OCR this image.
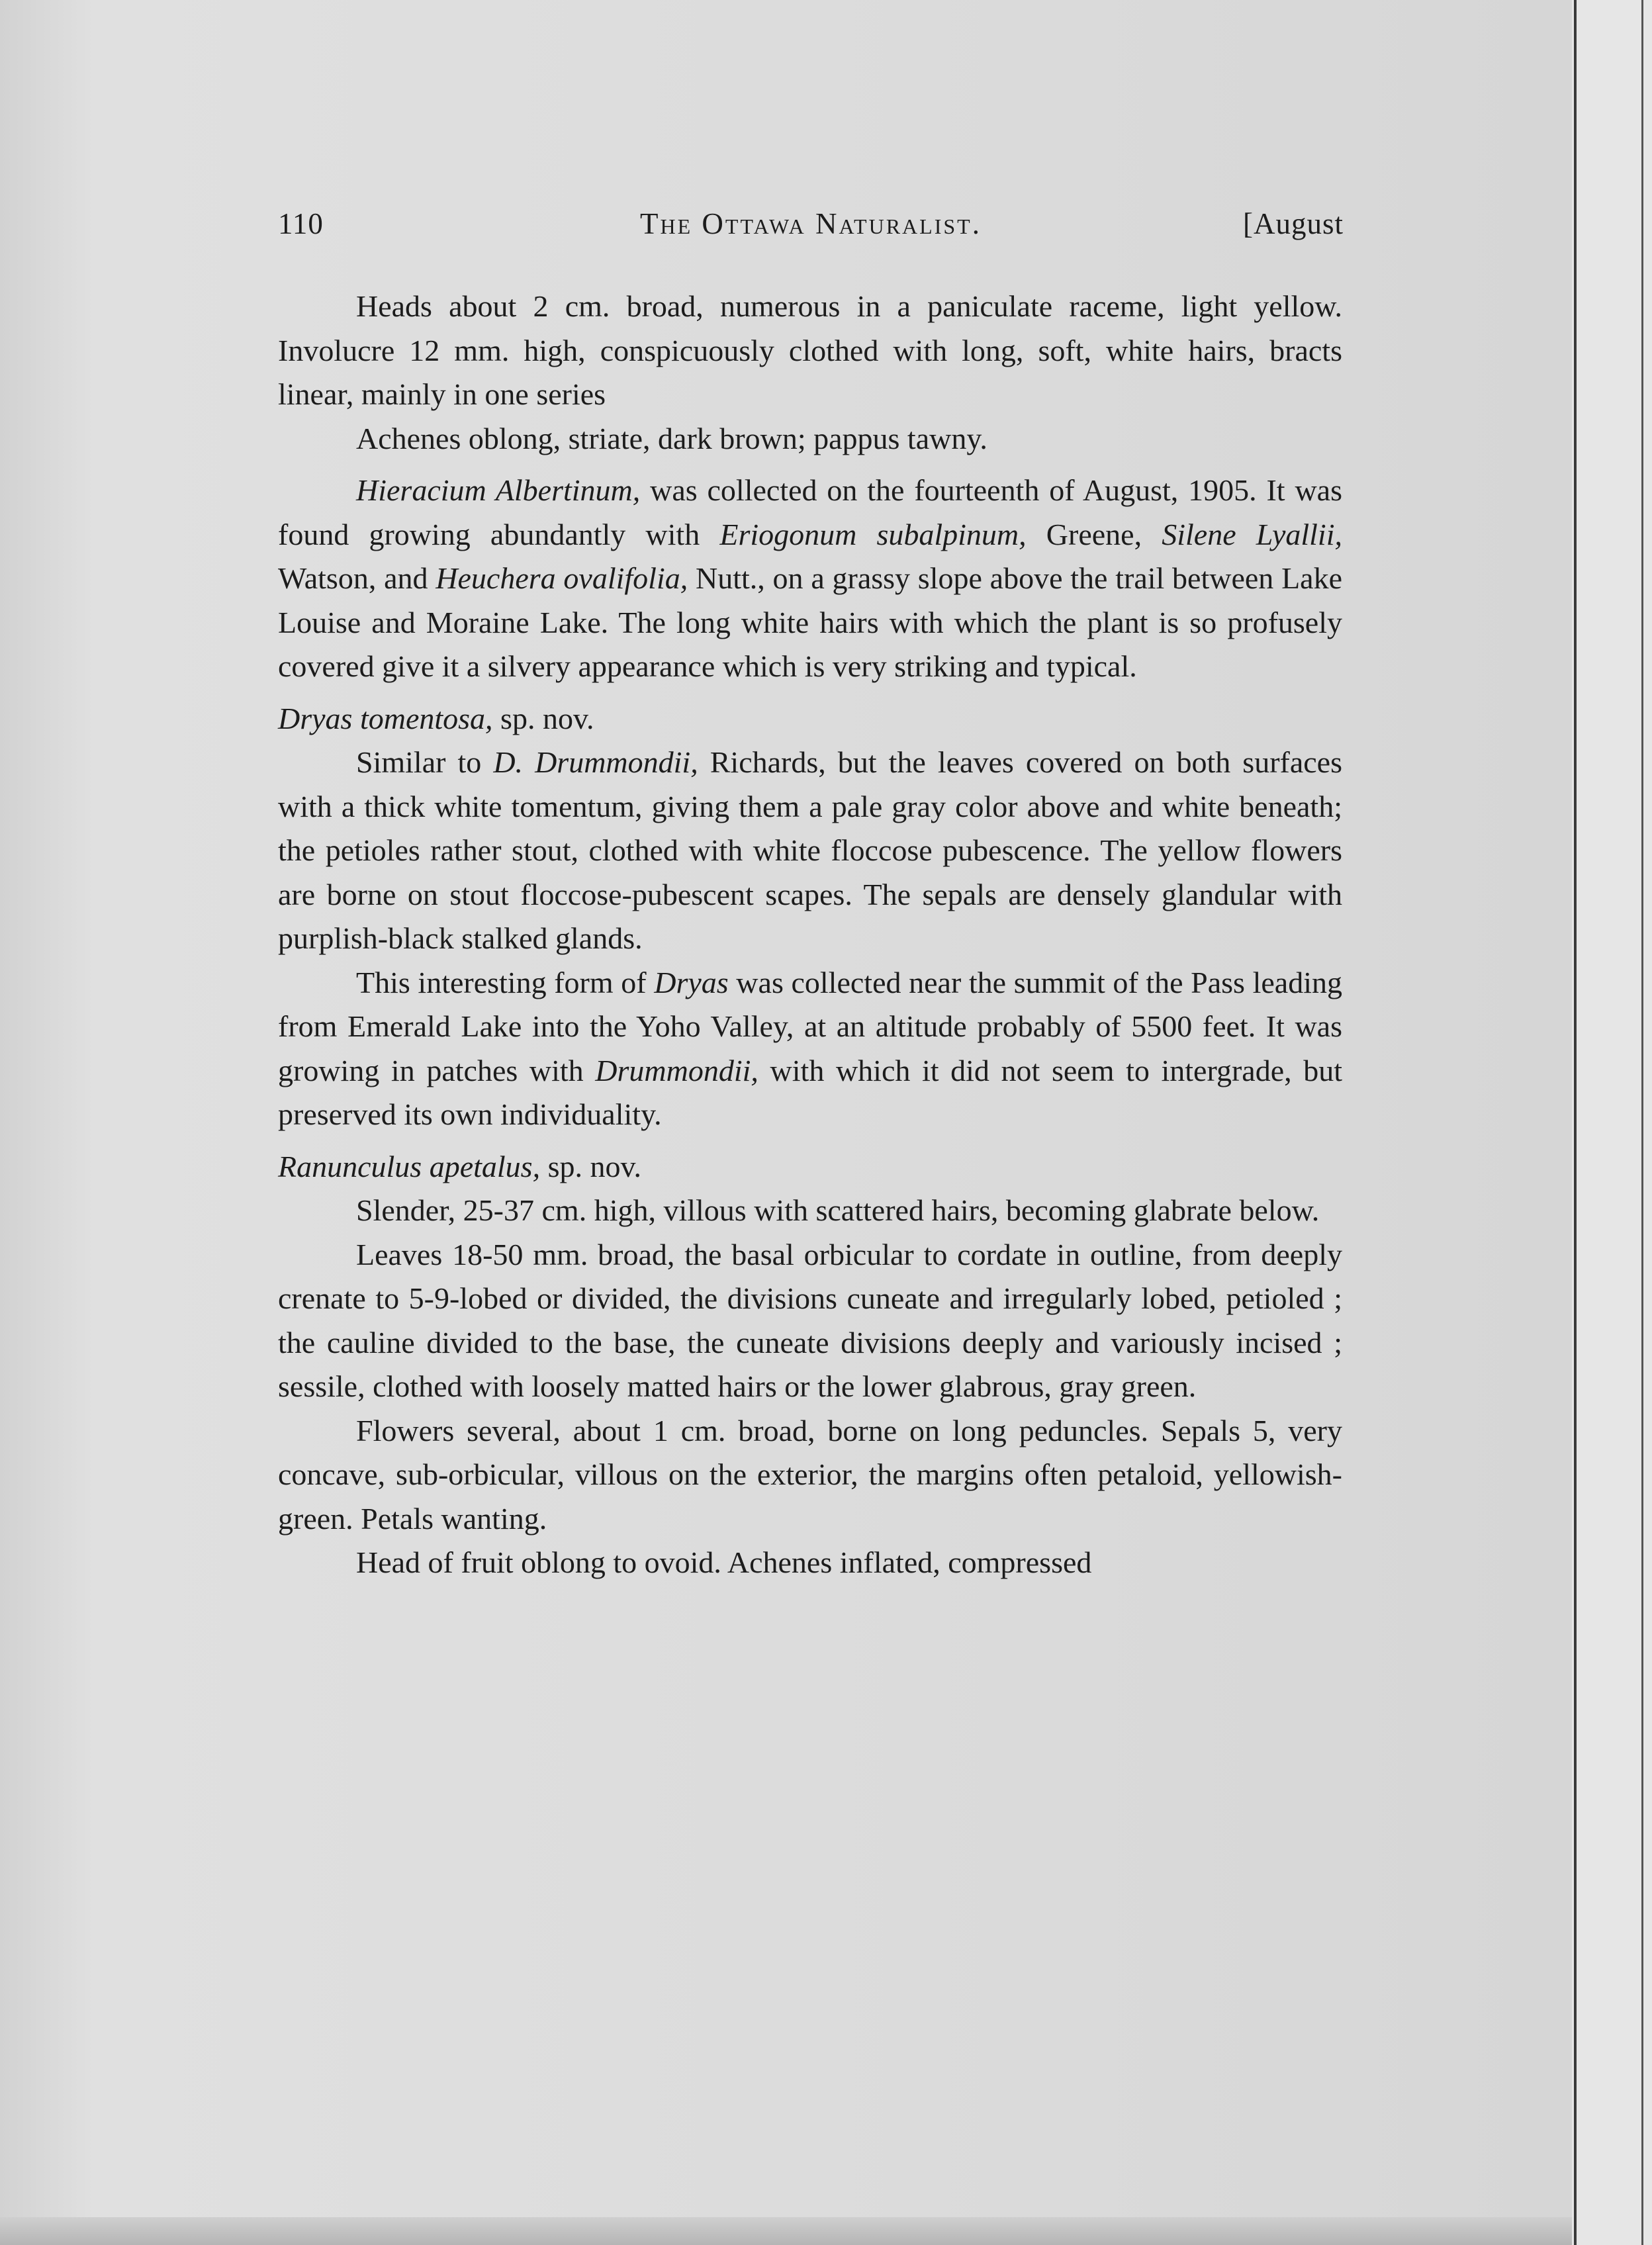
110	The Ottawa Naturalist.	[August

Heads about 2 cm. broad, numerous in a paniculate raceme, light yellow. Involucre 12 mm. high, conspicuously clothed with long, soft, white hairs, bracts linear, mainly in one series

Achenes oblong, striate, dark brown; pappus tawny.

Hieracium Albertinum, was collected on the fourteenth of August, 1905. It was found growing abundantly with Eriogonum subalpinum, Greene, Silene Lyallii, Watson, and Heuchera ovalifolia, Nutt., on a grassy slope above the trail between Lake Louise and Moraine Lake. The long white hairs with which the plant is so profusely covered give it a silvery appearance which is very striking and typical.

Dryas tomentosa, sp. nov.

Similar to D. Drummondii, Richards, but the leaves covered on both surfaces with a thick white tomentum, giving them a pale gray color above and white beneath; the petioles rather stout, clothed with white floccose pubescence. The yellow flowers are borne on stout floccose-pubescent scapes. The sepals are densely glandular with purplish-black stalked glands.

This interesting form of Dryas was collected near the summit of the Pass leading from Emerald Lake into the Yoho Valley, at an altitude probably of 5500 feet. It was growing in patches with Drummondii, with which it did not seem to intergrade, but preserved its own individuality.

Ranunculus apetalus, sp. nov.

Slender, 25-37 cm. high, villous with scattered hairs, becoming glabrate below.

Leaves 18-50 mm. broad, the basal orbicular to cordate in outline, from deeply crenate to 5-9-lobed or divided, the divisions cuneate and irregularly lobed, petioled ; the cauline divided to the base, the cuneate divisions deeply and variously incised ; sessile, clothed with loosely matted hairs or the lower glabrous, gray green.

Flowers several, about 1 cm. broad, borne on long peduncles. Sepals 5, very concave, sub-orbicular, villous on the exterior, the margins often petaloid, yellowish-green. Petals wanting.

Head of fruit oblong to ovoid. Achenes inflated, compressed
